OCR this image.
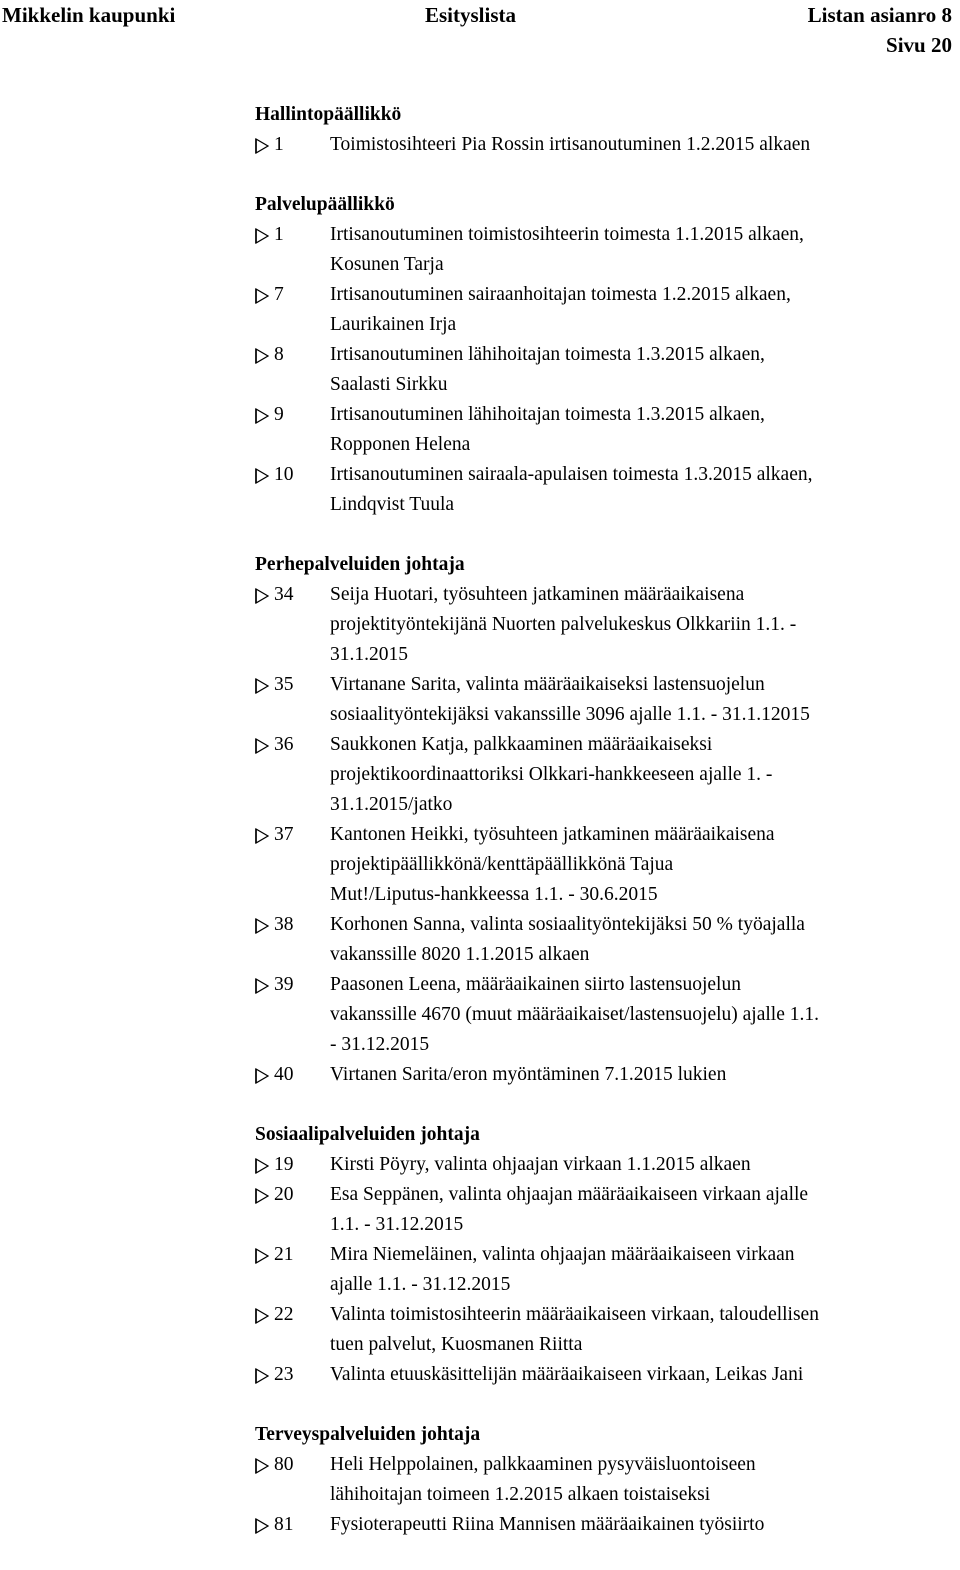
Mikkelin kaupunki	Esityslista	Listan asianro 8
Sivu 20
Hallintopäällikkö
1 Toimistosihteeri Pia Rossin irtisanoutuminen 1.2.2015 alkaen
Palvelupäällikkö
1 Irtisanoutuminen toimistosihteerin toimesta 1.1.2015 alkaen,
Kosunen Tarja
7 Irtisanoutuminen sairaanhoitajan toimesta 1.2.2015 alkaen,
Laurikainen Irja
8 Irtisanoutuminen lähihoitajan toimesta 1.3.2015 alkaen,
Saalasti Sirkku
9 Irtisanoutuminen lähihoitajan toimesta 1.3.2015 alkaen,
Ropponen Helena
10 Irtisanoutuminen sairaala-apulaisen toimesta 1.3.2015 alkaen,
Lindqvist Tuula
Perhepalveluiden johtaja
34 Seija Huotari, työsuhteen jatkaminen määräaikaisena
projektityöntekijänä Nuorten palvelukeskus Olkkariin 1.1. -
31.1.2015
35 Virtanane Sarita, valinta määräaikaiseksi lastensuojelun
sosiaalityöntekijäksi vakanssille 3096 ajalle 1.1. - 31.1.12015
36 Saukkonen Katja, palkkaaminen määräaikaiseksi
projektikoordinaattoriksi Olkkari-hankkeeseen ajalle 1. -
31.1.2015/jatko
37 Kantonen Heikki, työsuhteen jatkaminen määräaikaisena
projektipäällikkönä/kenttäpäällikkönä Tajua
Mut!/Liputus-hankkeessa 1.1. - 30.6.2015
38 Korhonen Sanna, valinta sosiaalityöntekijäksi 50 % työajalla
vakanssille 8020 1.1.2015 alkaen
39 Paasonen Leena, määräaikainen siirto lastensuojelun
vakanssille 4670 (muut määräaikaiset/lastensuojelu) ajalle 1.1.
- 31.12.2015
40 Virtanen Sarita/eron myöntäminen 7.1.2015 lukien
Sosiaalipalveluiden johtaja
19 Kirsti Pöyry, valinta ohjaajan virkaan 1.1.2015 alkaen
20 Esa Seppänen, valinta ohjaajan määräaikaiseen virkaan ajalle
1.1. - 31.12.2015
21 Mira Niemeläinen, valinta ohjaajan määräaikaiseen virkaan
ajalle 1.1. - 31.12.2015
22 Valinta toimistosihteerin määräaikaiseen virkaan, taloudellisen
tuen palvelut, Kuosmanen Riitta
23 Valinta etuuskäsittelijän määräaikaiseen virkaan, Leikas Jani
Terveyspalveluiden johtaja
80 Heli Helppolainen, palkkaaminen pysyväisluontoiseen
lähihoitajan toimeen 1.2.2015 alkaen toistaiseksi
81 Fysioterapeutti Riina Mannisen määräaikainen työsiirto
